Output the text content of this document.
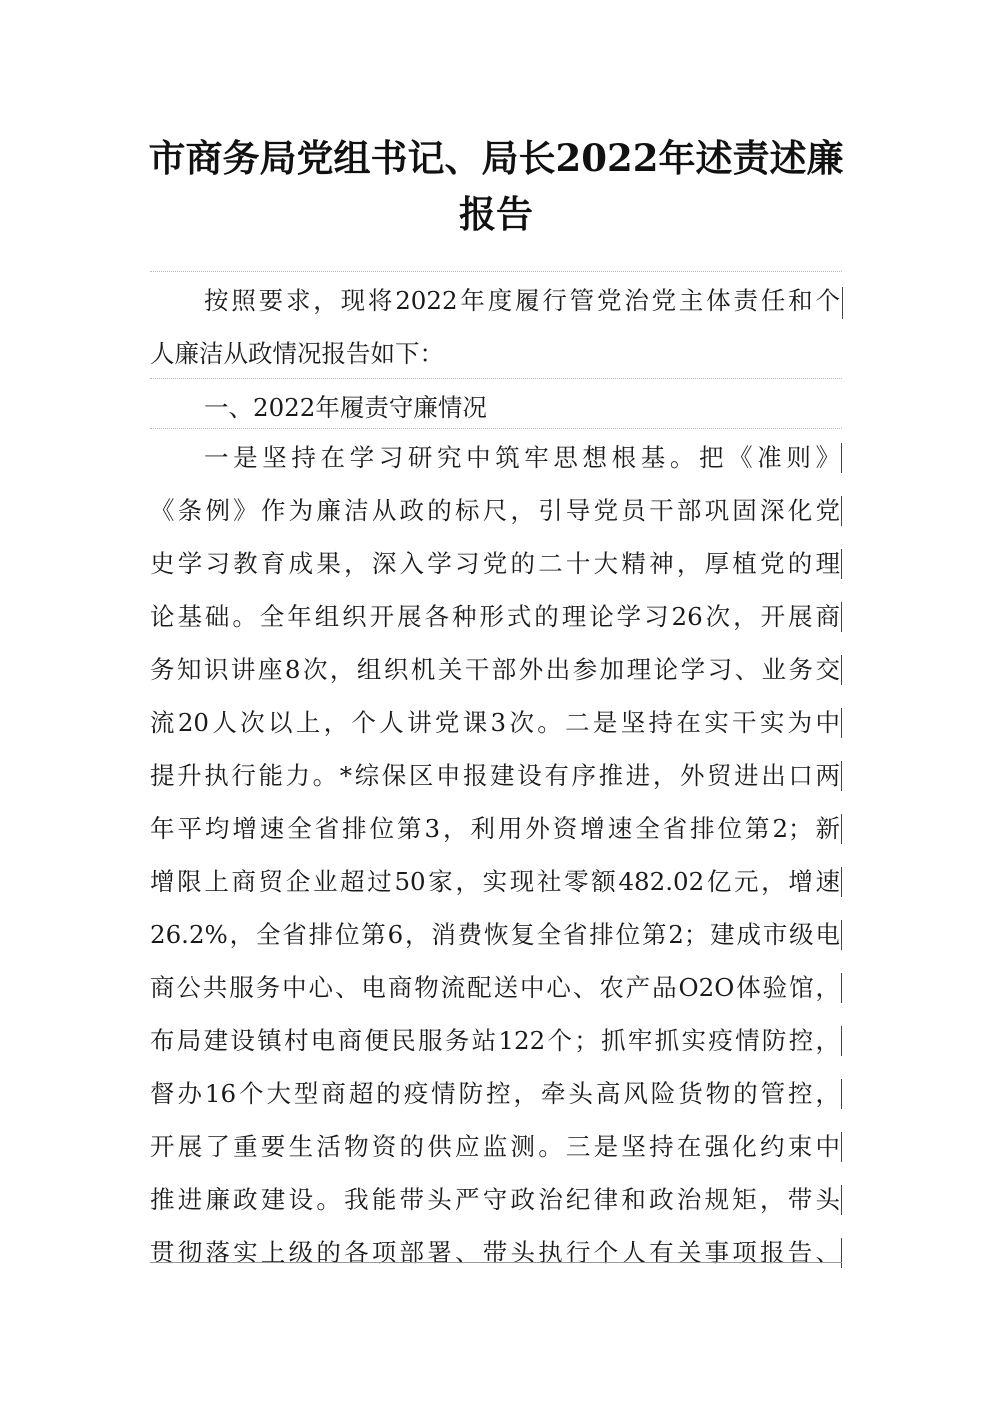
市商务局党组书记、局长2022年述责述廉
报告
按照要求，现将2022年度履行管党治党主体责任和个
人廉洁从政情况报告如下：
一、2022年履责守廉情况
一是坚持在学习研究中筑牢思想根基。把《准则》
《条例》作为廉洁从政的标尺，引导党员干部巩固深化党
史学习教育成果，深入学习党的二十大精神，厚植党的理
论基础。全年组织开展各种形式的理论学习26次，开展商
务知识讲座8次，组织机关干部外出参加理论学习、业务交
流20人次以上，个人讲党课3次。二是坚持在实干实为中
提升执行能力。*综保区申报建设有序推进，外贸进出口两
年平均增速全省排位第3，利用外资增速全省排位第2；新
增限上商贸企业超过50家，实现社零额482.02亿元，增速
26.2%，全省排位第6，消费恢复全省排位第2；建成市级电
商公共服务中心、电商物流配送中心、农产品O2O体验馆，
布局建设镇村电商便民服务站122个；抓牢抓实疫情防控，
督办16个大型商超的疫情防控，牵头高风险货物的管控，
开展了重要生活物资的供应监测。三是坚持在强化约束中
推进廉政建设。我能带头严守政治纪律和政治规矩，带头
贯彻落实上级的各项部署、带头执行个人有关事项报告、
